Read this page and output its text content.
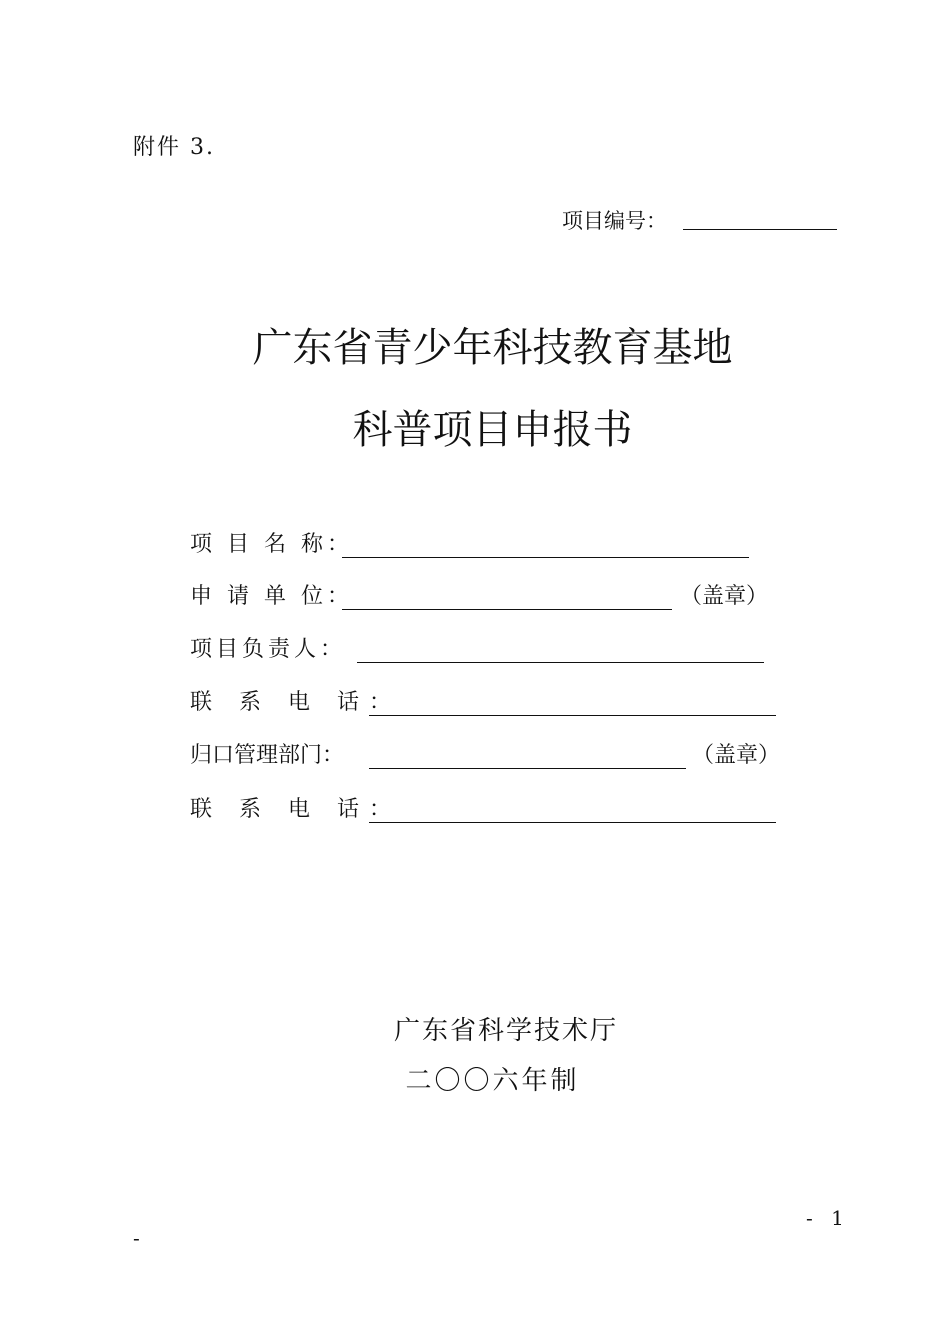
附件 3.
项目编号：
广东省青少年科技教育基地
科普项目申报书
项 目 名 称：
申 请 单 位：	（盖章）
项目负责人：
联 系 电 话：
归口管理部门：	（盖章）
联 系 电 话：
广东省科学技术厅
二〇〇六年制
- 1
-
